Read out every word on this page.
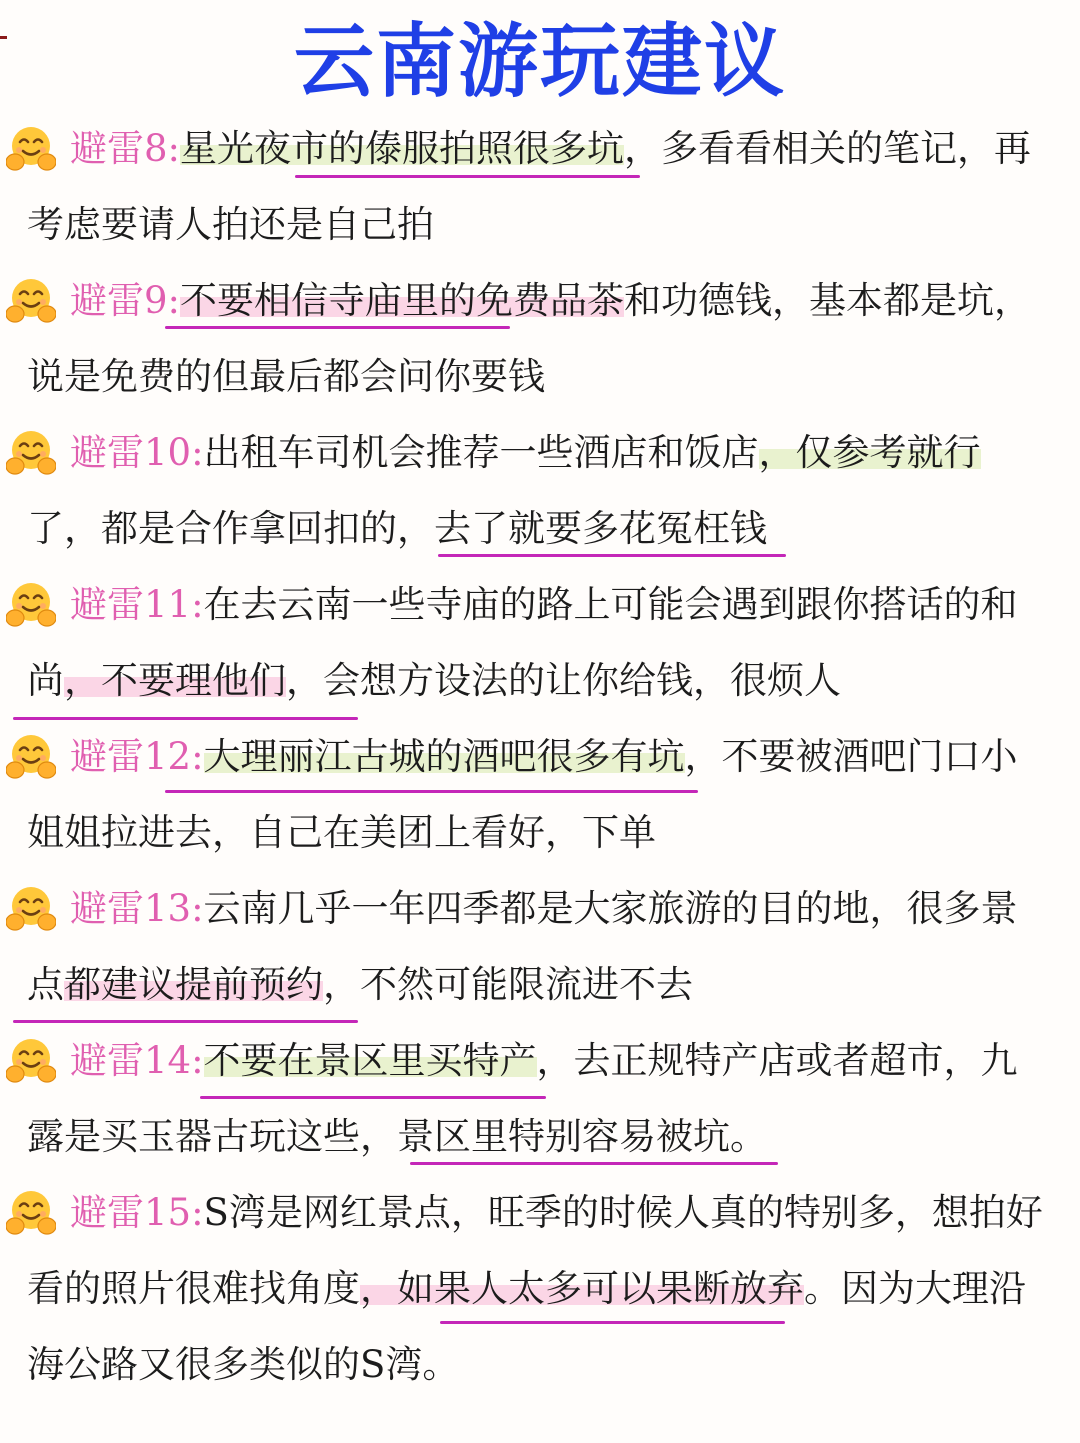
云南游玩建议
避雷8:星光夜市的傣服拍照很多坑，多看看相关的笔记，再
考虑要请人拍还是自己拍
避雷9:不要相信寺庙里的免费品茶和功德钱，基本都是坑，
说是免费的但最后都会问你要钱
避雷10:出租车司机会推荐一些酒店和饭店，仅参考就行
了，都是合作拿回扣的，去了就要多花冤枉钱
避雷11:在去云南一些寺庙的路上可能会遇到跟你搭话的和
尚，不要理他们，会想方设法的让你给钱，很烦人
避雷12:大理丽江古城的酒吧很多有坑，不要被酒吧门口小
姐姐拉进去，自己在美团上看好，下单
避雷13:云南几乎一年四季都是大家旅游的目的地，很多景
点都建议提前预约，不然可能限流进不去
避雷14:不要在景区里买特产，去正规特产店或者超市，九
露是买玉器古玩这些，景区里特别容易被坑。
避雷15:S湾是网红景点，旺季的时候人真的特别多，想拍好
看的照片很难找角度，如果人太多可以果断放弃。因为大理沿
海公路又很多类似的S湾。
